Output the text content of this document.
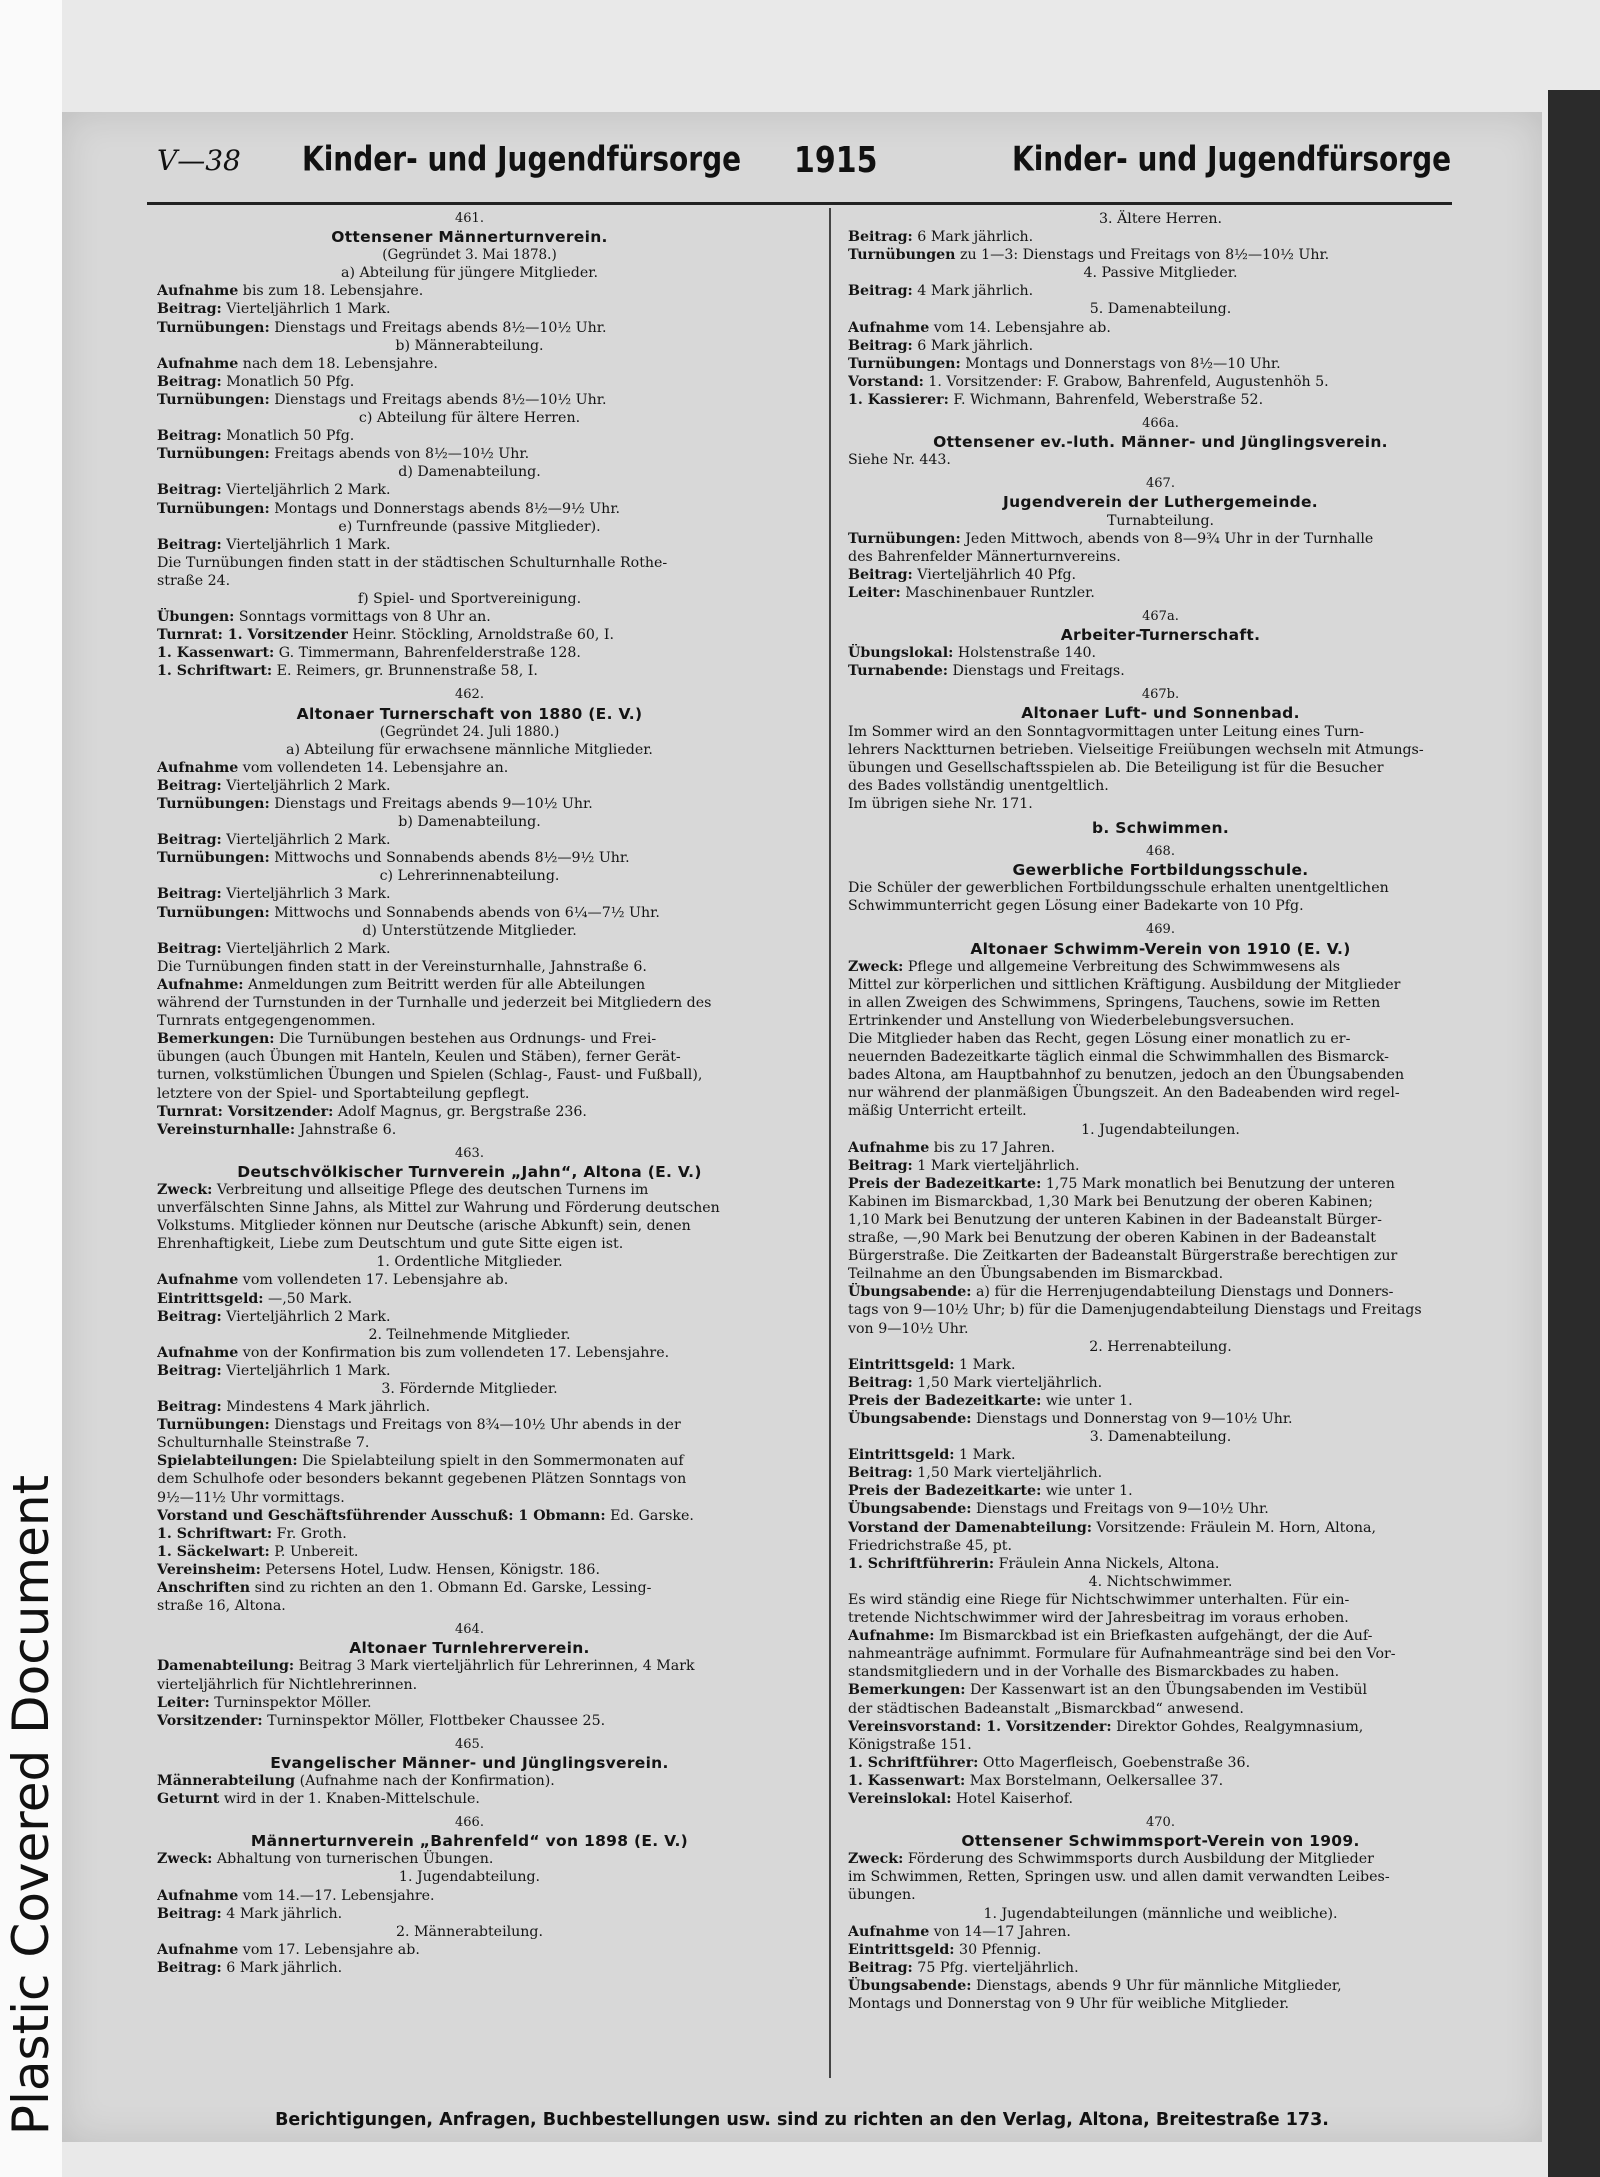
Plastic Covered Document
V—38 Kinder- und Jugendfürsorge 1915	Kinder- und Jugendfürsorge
461.
Ottensener Männerturnverein.
(Gegründet 3. Mai 1878.)
a) Abteilung für jüngere Mitglieder.
Aufnahme bis zum 18. Lebensjahre.
Beitrag: Vierteljährlich 1 Mark.
Turnübungen: Dienstags und Freitags abends 8½—10½ Uhr.
b) Männerabteilung.
Aufnahme nach dem 18. Lebensjahre.
Beitrag: Monatlich 50 Pfg.
Turnübungen: Dienstags und Freitags abends 8½—10½ Uhr.
c) Abteilung für ältere Herren.
Beitrag: Monatlich 50 Pfg.
Turnübungen: Freitags abends von 8½—10½ Uhr.
d) Damenabteilung.
Beitrag: Vierteljährlich 2 Mark.
Turnübungen: Montags und Donnerstags abends 8½—9½ Uhr.
e) Turnfreunde (passive Mitglieder).
Beitrag: Vierteljährlich 1 Mark.
Die Turnübungen finden statt in der städtischen Schulturnhalle Rothe-
straße 24.
f) Spiel- und Sportvereinigung.
Übungen: Sonntags vormittags von 8 Uhr an.
Turnrat: 1. Vorsitzender Heinr. Stöckling, Arnoldstraße 60, I.
1. Kassenwart: G. Timmermann, Bahrenfelderstraße 128.
1. Schriftwart: E. Reimers, gr. Brunnenstraße 58, I.
462.
Altonaer Turnerschaft von 1880 (E. V.)
(Gegründet 24. Juli 1880.)
a) Abteilung für erwachsene männliche Mitglieder.
Aufnahme vom vollendeten 14. Lebensjahre an.
Beitrag: Vierteljährlich 2 Mark.
Turnübungen: Dienstags und Freitags abends 9—10½ Uhr.
b) Damenabteilung.
Beitrag: Vierteljährlich 2 Mark.
Turnübungen: Mittwochs und Sonnabends abends 8½—9½ Uhr.
c) Lehrerinnenabteilung.
Beitrag: Vierteljährlich 3 Mark.
Turnübungen: Mittwochs und Sonnabends abends von 6¼—7½ Uhr.
d) Unterstützende Mitglieder.
Beitrag: Vierteljährlich 2 Mark.
Die Turnübungen finden statt in der Vereinsturnhalle, Jahnstraße 6.
Aufnahme: Anmeldungen zum Beitritt werden für alle Abteilungen
während der Turnstunden in der Turnhalle und jederzeit bei Mitgliedern des
Turnrats entgegengenommen.
Bemerkungen: Die Turnübungen bestehen aus Ordnungs- und Frei-
übungen (auch Übungen mit Hanteln, Keulen und Stäben), ferner Gerät-
turnen, volkstümlichen Übungen und Spielen (Schlag-, Faust- und Fußball),
letztere von der Spiel- und Sportabteilung gepflegt.
Turnrat: Vorsitzender: Adolf Magnus, gr. Bergstraße 236.
Vereinsturnhalle: Jahnstraße 6.
463.
Deutschvölkischer Turnverein „Jahn“, Altona (E. V.)
Zweck: Verbreitung und allseitige Pflege des deutschen Turnens im
unverfälschten Sinne Jahns, als Mittel zur Wahrung und Förderung deutschen
Volkstums. Mitglieder können nur Deutsche (arische Abkunft) sein, denen
Ehrenhaftigkeit, Liebe zum Deutschtum und gute Sitte eigen ist.
1. Ordentliche Mitglieder.
Aufnahme vom vollendeten 17. Lebensjahre ab.
Eintrittsgeld: —,50 Mark.
Beitrag: Vierteljährlich 2 Mark.
2. Teilnehmende Mitglieder.
Aufnahme von der Konfirmation bis zum vollendeten 17. Lebensjahre.
Beitrag: Vierteljährlich 1 Mark.
3. Fördernde Mitglieder.
Beitrag: Mindestens 4 Mark jährlich.
Turnübungen: Dienstags und Freitags von 8¾—10½ Uhr abends in der
Schulturnhalle Steinstraße 7.
Spielabteilungen: Die Spielabteilung spielt in den Sommermonaten auf
dem Schulhofe oder besonders bekannt gegebenen Plätzen Sonntags von
9½—11½ Uhr vormittags.
Vorstand und Geschäftsführender Ausschuß: 1 Obmann: Ed. Garske.
1. Schriftwart: Fr. Groth.
1. Säckelwart: P. Unbereit.
Vereinsheim: Petersens Hotel, Ludw. Hensen, Königstr. 186.
Anschriften sind zu richten an den 1. Obmann Ed. Garske, Lessing-
straße 16, Altona.
464.
Altonaer Turnlehrerverein.
Damenabteilung: Beitrag 3 Mark vierteljährlich für Lehrerinnen, 4 Mark
vierteljährlich für Nichtlehrerinnen.
Leiter: Turninspektor Möller.
Vorsitzender: Turninspektor Möller, Flottbeker Chaussee 25.
465.
Evangelischer Männer- und Jünglingsverein.
Männerabteilung (Aufnahme nach der Konfirmation).
Geturnt wird in der 1. Knaben-Mittelschule.
466.
Männerturnverein „Bahrenfeld“ von 1898 (E. V.)
Zweck: Abhaltung von turnerischen Übungen.
1. Jugendabteilung.
Aufnahme vom 14.—17. Lebensjahre.
Beitrag: 4 Mark jährlich.
2. Männerabteilung.
Aufnahme vom 17. Lebensjahre ab.
Beitrag: 6 Mark jährlich.
3. Ältere Herren.
Beitrag: 6 Mark jährlich.
Turnübungen zu 1—3: Dienstags und Freitags von 8½—10½ Uhr.
4. Passive Mitglieder.
Beitrag: 4 Mark jährlich.
5. Damenabteilung.
Aufnahme vom 14. Lebensjahre ab.
Beitrag: 6 Mark jährlich.
Turnübungen: Montags und Donnerstags von 8½—10 Uhr.
Vorstand: 1. Vorsitzender: F. Grabow, Bahrenfeld, Augustenhöh 5.
1. Kassierer: F. Wichmann, Bahrenfeld, Weberstraße 52.
466a.
Ottensener ev.-luth. Männer- und Jünglingsverein.
Siehe Nr. 443.
467.
Jugendverein der Luthergemeinde.
Turnabteilung.
Turnübungen: Jeden Mittwoch, abends von 8—9¾ Uhr in der Turnhalle
des Bahrenfelder Männerturnvereins.
Beitrag: Vierteljährlich 40 Pfg.
Leiter: Maschinenbauer Runtzler.
467a.
Arbeiter-Turnerschaft.
Übungslokal: Holstenstraße 140.
Turnabende: Dienstags und Freitags.
467b.
Altonaer Luft- und Sonnenbad.
Im Sommer wird an den Sonntagvormittagen unter Leitung eines Turn-
lehrers Nacktturnen betrieben. Vielseitige Freiübungen wechseln mit Atmungs-
übungen und Gesellschaftsspielen ab. Die Beteiligung ist für die Besucher
des Bades vollständig unentgeltlich.
Im übrigen siehe Nr. 171.
b. Schwimmen.
468.
Gewerbliche Fortbildungsschule.
Die Schüler der gewerblichen Fortbildungsschule erhalten unentgeltlichen
Schwimmunterricht gegen Lösung einer Badekarte von 10 Pfg.
469.
Altonaer Schwimm-Verein von 1910 (E. V.)
Zweck: Pflege und allgemeine Verbreitung des Schwimmwesens als
Mittel zur körperlichen und sittlichen Kräftigung. Ausbildung der Mitglieder
in allen Zweigen des Schwimmens, Springens, Tauchens, sowie im Retten
Ertrinkender und Anstellung von Wiederbelebungsversuchen.
Die Mitglieder haben das Recht, gegen Lösung einer monatlich zu er-
neuernden Badezeitkarte täglich einmal die Schwimmhallen des Bismarck-
bades Altona, am Hauptbahnhof zu benutzen, jedoch an den Übungsabenden
nur während der planmäßigen Übungszeit. An den Badeabenden wird regel-
mäßig Unterricht erteilt.
1. Jugendabteilungen.
Aufnahme bis zu 17 Jahren.
Beitrag: 1 Mark vierteljährlich.
Preis der Badezeitkarte: 1,75 Mark monatlich bei Benutzung der unteren
Kabinen im Bismarckbad, 1,30 Mark bei Benutzung der oberen Kabinen;
1,10 Mark bei Benutzung der unteren Kabinen in der Badeanstalt Bürger-
straße, —,90 Mark bei Benutzung der oberen Kabinen in der Badeanstalt
Bürgerstraße. Die Zeitkarten der Badeanstalt Bürgerstraße berechtigen zur
Teilnahme an den Übungsabenden im Bismarckbad.
Übungsabende: a) für die Herrenjugendabteilung Dienstags und Donners-
tags von 9—10½ Uhr; b) für die Damenjugendabteilung Dienstags und Freitags
von 9—10½ Uhr.
2. Herrenabteilung.
Eintrittsgeld: 1 Mark.
Beitrag: 1,50 Mark vierteljährlich.
Preis der Badezeitkarte: wie unter 1.
Übungsabende: Dienstags und Donnerstag von 9—10½ Uhr.
3. Damenabteilung.
Eintrittsgeld: 1 Mark.
Beitrag: 1,50 Mark vierteljährlich.
Preis der Badezeitkarte: wie unter 1.
Übungsabende: Dienstags und Freitags von 9—10½ Uhr.
Vorstand der Damenabteilung: Vorsitzende: Fräulein M. Horn, Altona,
Friedrichstraße 45, pt.
1. Schriftführerin: Fräulein Anna Nickels, Altona.
4. Nichtschwimmer.
Es wird ständig eine Riege für Nichtschwimmer unterhalten. Für ein-
tretende Nichtschwimmer wird der Jahresbeitrag im voraus erhoben.
Aufnahme: Im Bismarckbad ist ein Briefkasten aufgehängt, der die Auf-
nahmeanträge aufnimmt. Formulare für Aufnahmeanträge sind bei den Vor-
standsmitgliedern und in der Vorhalle des Bismarckbades zu haben.
Bemerkungen: Der Kassenwart ist an den Übungsabenden im Vestibül
der städtischen Badeanstalt „Bismarckbad“ anwesend.
Vereinsvorstand: 1. Vorsitzender: Direktor Gohdes, Realgymnasium,
Königstraße 151.
1. Schriftführer: Otto Magerfleisch, Goebenstraße 36.
1. Kassenwart: Max Borstelmann, Oelkersallee 37.
Vereinslokal: Hotel Kaiserhof.
470.
Ottensener Schwimmsport-Verein von 1909.
Zweck: Förderung des Schwimmsports durch Ausbildung der Mitglieder
im Schwimmen, Retten, Springen usw. und allen damit verwandten Leibes-
übungen.
1. Jugendabteilungen (männliche und weibliche).
Aufnahme von 14—17 Jahren.
Eintrittsgeld: 30 Pfennig.
Beitrag: 75 Pfg. vierteljährlich.
Übungsabende: Dienstags, abends 9 Uhr für männliche Mitglieder,
Montags und Donnerstag von 9 Uhr für weibliche Mitglieder.
Berichtigungen, Anfragen, Buchbestellungen usw. sind zu richten an den Verlag, Altona, Breitestraße 173.
